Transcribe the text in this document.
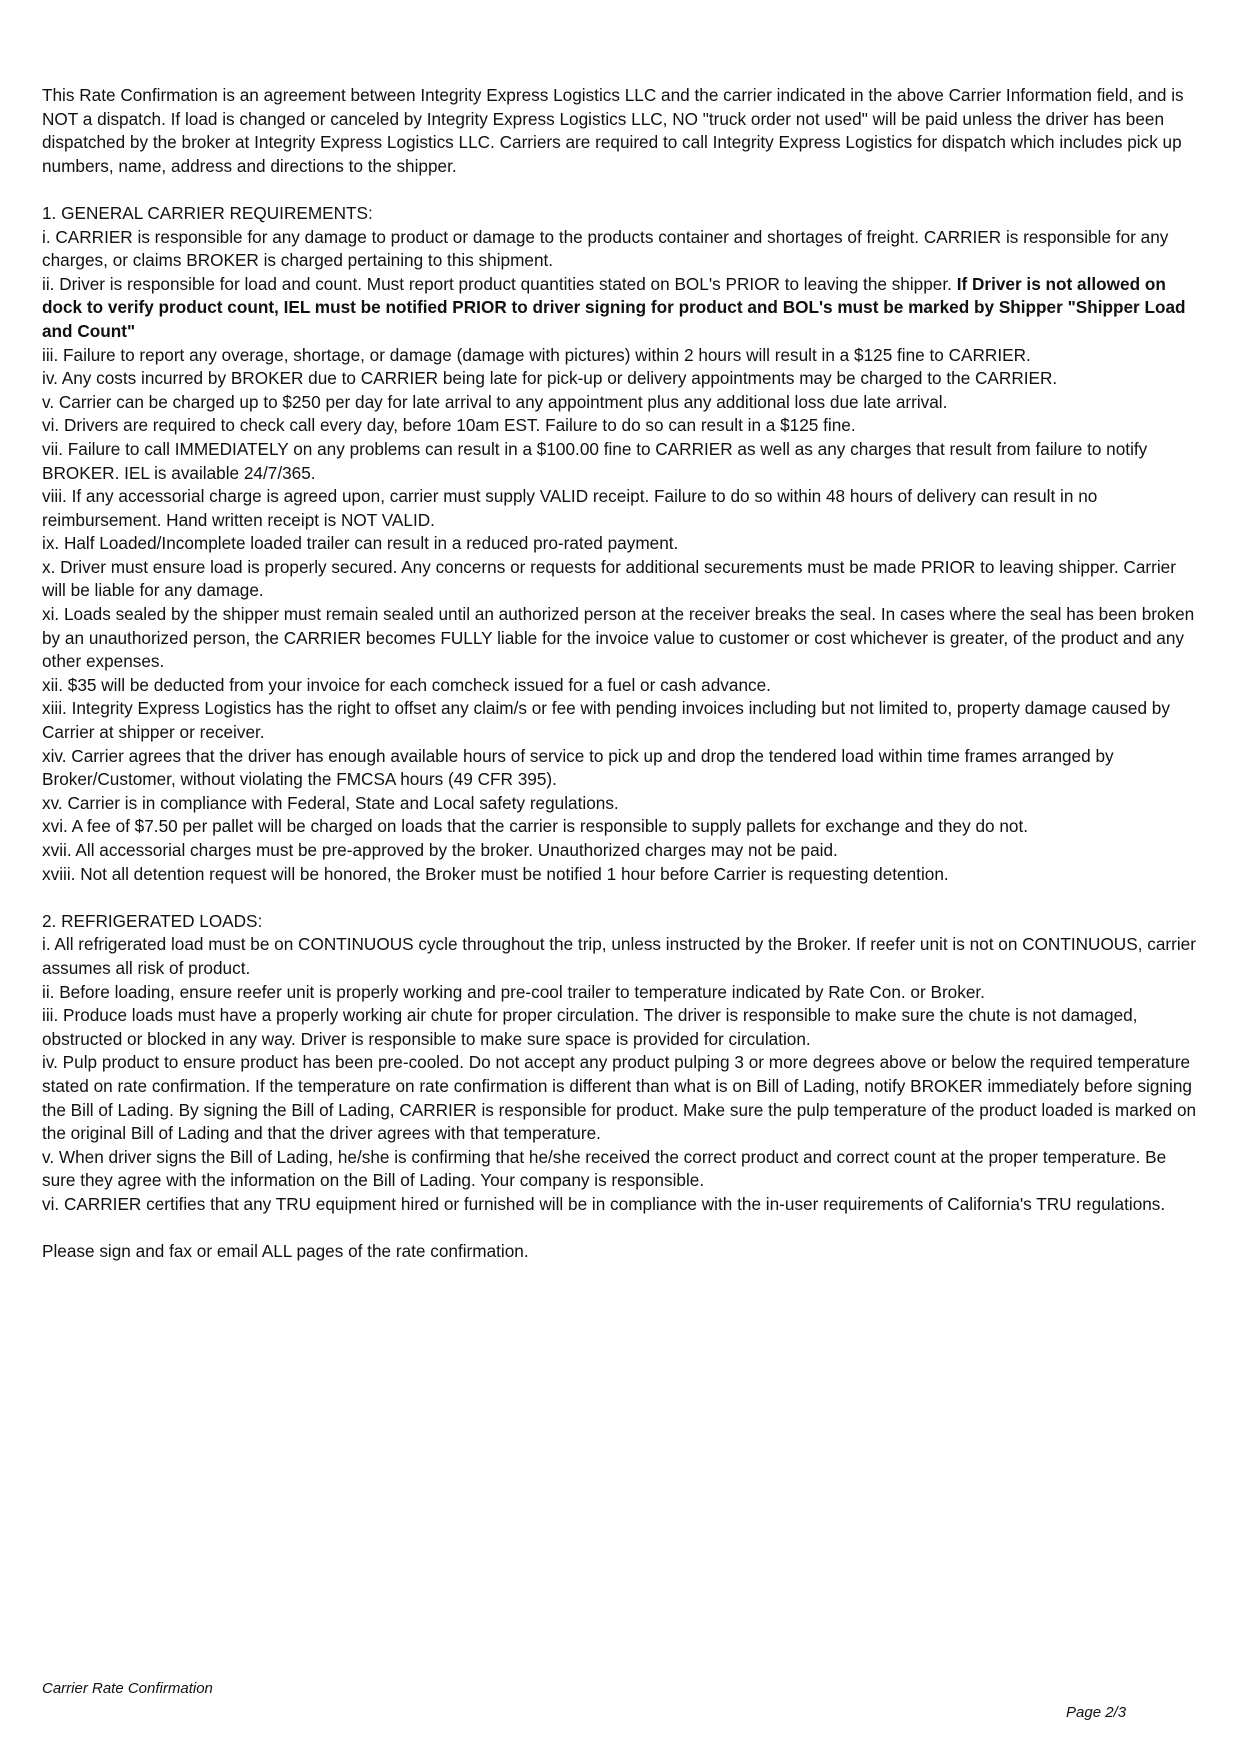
This Rate Confirmation is an agreement between Integrity Express Logistics LLC and the carrier indicated in the above Carrier Information field, and is NOT a dispatch. If load is changed or canceled by Integrity Express Logistics LLC, NO "truck order not used" will be paid unless the driver has been dispatched by the broker at Integrity Express Logistics LLC. Carriers are required to call Integrity Express Logistics for dispatch which includes pick up numbers, name, address and directions to the shipper.

1. GENERAL CARRIER REQUIREMENTS:

i. CARRIER is responsible for any damage to product or damage to the products container and shortages of freight. CARRIER is responsible for any charges, or claims BROKER is charged pertaining to this shipment.

ii. Driver is responsible for load and count. Must report product quantities stated on BOL's PRIOR to leaving the shipper. If Driver is not allowed on dock to verify product count, IEL must be notified PRIOR to driver signing for product and BOL's must be marked by Shipper "Shipper Load and Count"

iii. Failure to report any overage, shortage, or damage (damage with pictures) within 2 hours will result in a $125 fine to CARRIER.

iv. Any costs incurred by BROKER due to CARRIER being late for pick-up or delivery appointments may be charged to the CARRIER.

v. Carrier can be charged up to $250 per day for late arrival to any appointment plus any additional loss due late arrival.

vi. Drivers are required to check call every day, before 10am EST. Failure to do so can result in a $125 fine.

vii. Failure to call IMMEDIATELY on any problems can result in a $100.00 fine to CARRIER as well as any charges that result from failure to notify BROKER. IEL is available 24/7/365.

viii. If any accessorial charge is agreed upon, carrier must supply VALID receipt. Failure to do so within 48 hours of delivery can result in no reimbursement. Hand written receipt is NOT VALID.

ix. Half Loaded/Incomplete loaded trailer can result in a reduced pro-rated payment.

x. Driver must ensure load is properly secured. Any concerns or requests for additional securements must be made PRIOR to leaving shipper. Carrier will be liable for any damage.

xi. Loads sealed by the shipper must remain sealed until an authorized person at the receiver breaks the seal. In cases where the seal has been broken by an unauthorized person, the CARRIER becomes FULLY liable for the invoice value to customer or cost whichever is greater, of the product and any other expenses.

xii. $35 will be deducted from your invoice for each comcheck issued for a fuel or cash advance.

xiii. Integrity Express Logistics has the right to offset any claim/s or fee with pending invoices including but not limited to, property damage caused by Carrier at shipper or receiver.

xiv. Carrier agrees that the driver has enough available hours of service to pick up and drop the tendered load within time frames arranged by Broker/Customer, without violating the FMCSA hours (49 CFR 395).

xv. Carrier is in compliance with Federal, State and Local safety regulations.

xvi. A fee of $7.50 per pallet will be charged on loads that the carrier is responsible to supply pallets for exchange and they do not.

xvii. All accessorial charges must be pre-approved by the broker. Unauthorized charges may not be paid.

xviii. Not all detention request will be honored, the Broker must be notified 1 hour before Carrier is requesting detention.

2. REFRIGERATED LOADS:

i. All refrigerated load must be on CONTINUOUS cycle throughout the trip, unless instructed by the Broker. If reefer unit is not on CONTINUOUS, carrier assumes all risk of product.

ii. Before loading, ensure reefer unit is properly working and pre-cool trailer to temperature indicated by Rate Con. or Broker.

iii. Produce loads must have a properly working air chute for proper circulation. The driver is responsible to make sure the chute is not damaged, obstructed or blocked in any way. Driver is responsible to make sure space is provided for circulation.

iv. Pulp product to ensure product has been pre-cooled. Do not accept any product pulping 3 or more degrees above or below the required temperature stated on rate confirmation. If the temperature on rate confirmation is different than what is on Bill of Lading, notify BROKER immediately before signing the Bill of Lading. By signing the Bill of Lading, CARRIER is responsible for product. Make sure the pulp temperature of the product loaded is marked on the original Bill of Lading and that the driver agrees with that temperature.

v. When driver signs the Bill of Lading, he/she is confirming that he/she received the correct product and correct count at the proper temperature. Be sure they agree with the information on the Bill of Lading. Your company is responsible.

vi. CARRIER certifies that any TRU equipment hired or furnished will be in compliance with the in-user requirements of California's TRU regulations.

Please sign and fax or email ALL pages of the rate confirmation.

Carrier Rate Confirmation
Page 2/3
